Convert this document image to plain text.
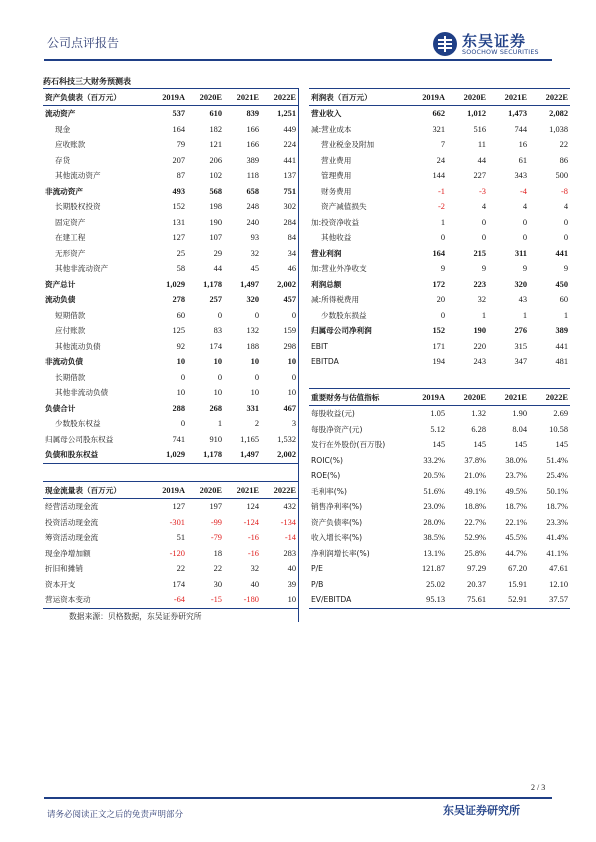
公司点评报告	东吴证券
SOOCHOW SECURITIES
药石科技三大财务预测表
资产负债表（百万元）	2019A	2020E	2021E	2022E
流动资产	537	610	839	1,251
现金	164	182	166	449
应收账款	79	121	166	224
存货	207	206	389	441
其他流动资产	87	102	118	137
非流动资产	493	568	658	751
长期股权投资	152	198	248	302
固定资产	131	190	240	284
在建工程	127	107	93	84
无形资产	25	29	32	34
其他非流动资产	58	44	45	46
资产总计	1,029	1,178	1,497	2,002
流动负债	278	257	320	457
短期借款	60	0	0	0
应付账款	125	83	132	159
其他流动负债	92	174	188	298
非流动负债	10	10	10	10
长期借款	0	0	0	0
其他非流动负债	10	10	10	10
负债合计	288	268	331	467
少数股东权益	0	1	2	3
归属母公司股东权益	741	910	1,165	1,532
负债和股东权益	1,029	1,178	1,497	2,002
利润表（百万元）	2019A	2020E	2021E	2022E
营业收入	662	1,012	1,473	2,082
减:营业成本	321	516	744	1,038
营业税金及附加	7	11	16	22
营业费用	24	44	61	86
管理费用	144	227	343	500
财务费用	-1	-3	-4	-8
资产减值损失	-2	4	4	4
加:投资净收益	1	0	0	0
其他收益	0	0	0	0
营业利润	164	215	311	441
加:营业外净收支	9	9	9	9
利润总额	172	223	320	450
减:所得税费用	20	32	43	60
少数股东损益	0	1	1	1
归属母公司净利润	152	190	276	389
EBIT	171	220	315	441
EBITDA	194	243	347	481
重要财务与估值指标	2019A	2020E	2021E	2022E
每股收益(元)	1.05	1.32	1.90	2.69
每股净资产(元)	5.12	6.28	8.04	10.58
发行在外股份(百万股)	145	145	145	145
ROIC(%)	33.2%	37.8%	38.0%	51.4%
ROE(%)	20.5%	21.0%	23.7%	25.4%
毛利率(%)	51.6%	49.1%	49.5%	50.1%
销售净利率(%)	23.0%	18.8%	18.7%	18.7%
资产负债率(%)	28.0%	22.7%	22.1%	23.3%
收入增长率(%)	38.5%	52.9%	45.5%	41.4%
净利润增长率(%)	13.1%	25.8%	44.7%	41.1%
P/E	121.87	97.29	67.20	47.61
P/B	25.02	20.37	15.91	12.10
EV/EBITDA	95.13	75.61	52.91	37.57
现金流量表（百万元）	2019A	2020E	2021E	2022E
经营活动现金流	127	197	124	432
投资活动现金流	-301	-99	-124	-134
筹资活动现金流	51	-79	-16	-14
现金净增加额	-120	18	-16	283
折旧和摊销	22	22	32	40
资本开支	174	30	40	39
营运资本变动	-64	-15	-180	10
数据来源：贝格数据，东吴证券研究所
2 / 3
请务必阅读正文之后的免责声明部分	东吴证券研究所
